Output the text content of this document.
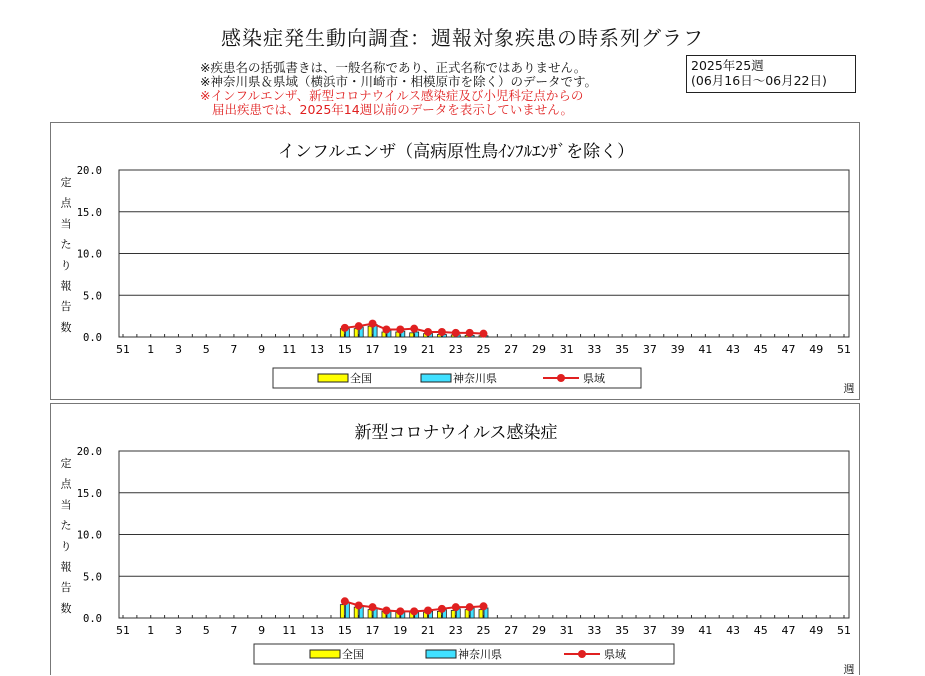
感染症発生動向調査：週報対象疾患の時系列グラフ
※疾患名の括弧書きは、一般名称であり、正式名称ではありません。
※神奈川県＆県域（横浜市・川崎市・相模原市を除く）のデータです。
※インフルエンザ、新型コロナウイルス感染症及び小児科定点からの
届出疾患では、2025年14週以前のデータを表示していません。
2025年25週
(06月16日～06月22日)
インフルエンザ（高病原性鳥ｲﾝﾌﾙｴﾝｻﾞを除く）
定
点
当
た
り
報
告
数
0.0
5.0
10.0
15.0
20.0
51 1 3 5 7 9 11 13 15 17 19 21 23 25 27 29 31 33 35 37 39 41 43 45 47 49 51
週
全国	神奈川県	県域
新型コロナウイルス感染症
定
点
当
た
り
報
告
数
0.0
5.0
10.0
15.0
20.0
51 1 3 5 7 9 11 13 15 17 19 21 23 25 27 29 31 33 35 37 39 41 43 45 47 49 51
週
全国	神奈川県	県域
